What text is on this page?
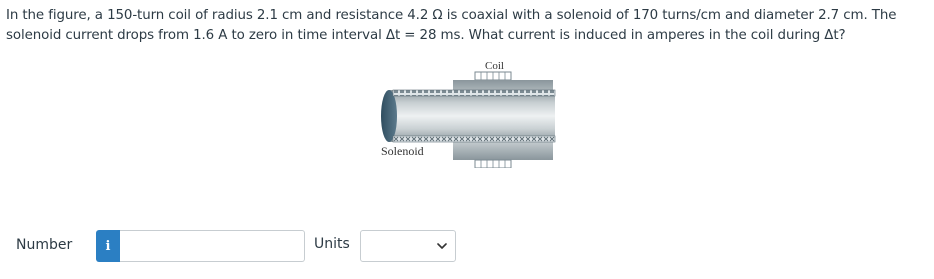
In the figure, a 150-turn coil of radius 2.1 cm and resistance 4.2 Ω is coaxial with a solenoid of 170 turns/cm and diameter 2.7 cm. The solenoid current drops from 1.6 A to zero in time interval Δt = 28 ms. What current is induced in amperes in the coil during Δt?
Coil
Solenoid
Number	i	Units
